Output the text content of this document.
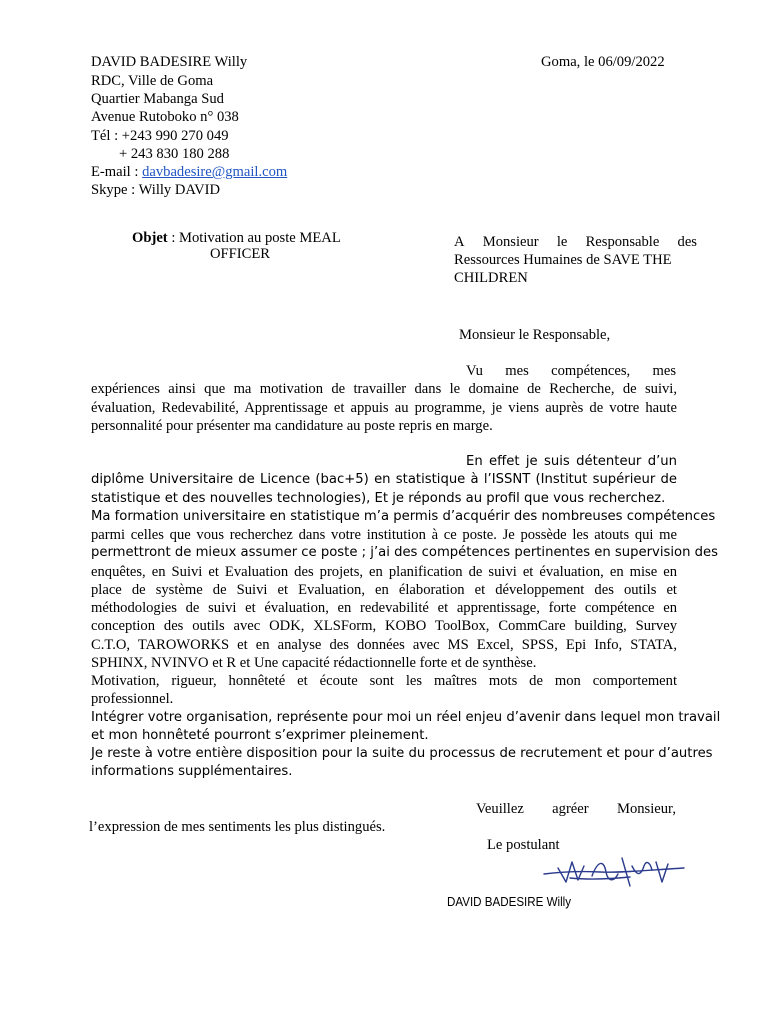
DAVID BADESIRE Willy
RDC, Ville de Goma
Quartier Mabanga Sud
Avenue Rutoboko n° 038
Tél : +243 990 270 049
+ 243 830 180 288
E-mail : davbadesire@gmail.com
Skype : Willy DAVID
Goma, le 06/09/2022
Objet : Motivation au poste MEAL
OFFICER
A Monsieur le Responsable des
Ressources Humaines de SAVE THE
CHILDREN
Monsieur le Responsable,
Vu mes compétences, mes
expériences ainsi que ma motivation de travailler dans le domaine de Recherche, de suivi,
évaluation, Redevabilité, Apprentissage et appuis au programme, je viens auprès de votre haute
personnalité pour présenter ma candidature au poste repris en marge.
En effet je suis détenteur d’un
diplôme Universitaire de Licence (bac+5) en statistique à l’ISSNT (Institut supérieur de
statistique et des nouvelles technologies), Et je réponds au profil que vous recherchez.
Ma formation universitaire en statistique m’a permis d’acquérir des nombreuses compétences
parmi celles que vous recherchez dans votre institution à ce poste. Je possède les atouts qui me
permettront de mieux assumer ce poste ; j’ai des compétences pertinentes en supervision des
enquêtes, en Suivi et Evaluation des projets, en planification de suivi et évaluation, en mise en
place de système de Suivi et Evaluation, en élaboration et développement des outils et
méthodologies de suivi et évaluation, en redevabilité et apprentissage, forte compétence en
conception des outils avec ODK, XLSForm, KOBO ToolBox, CommCare building, Survey
C.T.O, TAROWORKS et en analyse des données avec MS Excel, SPSS, Epi Info, STATA,
SPHINX, NVINVO et R et Une capacité rédactionnelle forte et de synthèse.
Motivation, rigueur, honnêteté et écoute sont les maîtres mots de mon comportement
professionnel.
Intégrer votre organisation, représente pour moi un réel enjeu d’avenir dans lequel mon travail
et mon honnêteté pourront s’exprimer pleinement.
Je reste à votre entière disposition pour la suite du processus de recrutement et pour d’autres
informations supplémentaires.
Veuillez agréer Monsieur,
l’expression de mes sentiments les plus distingués.
Le postulant
DAVID BADESIRE Willy
